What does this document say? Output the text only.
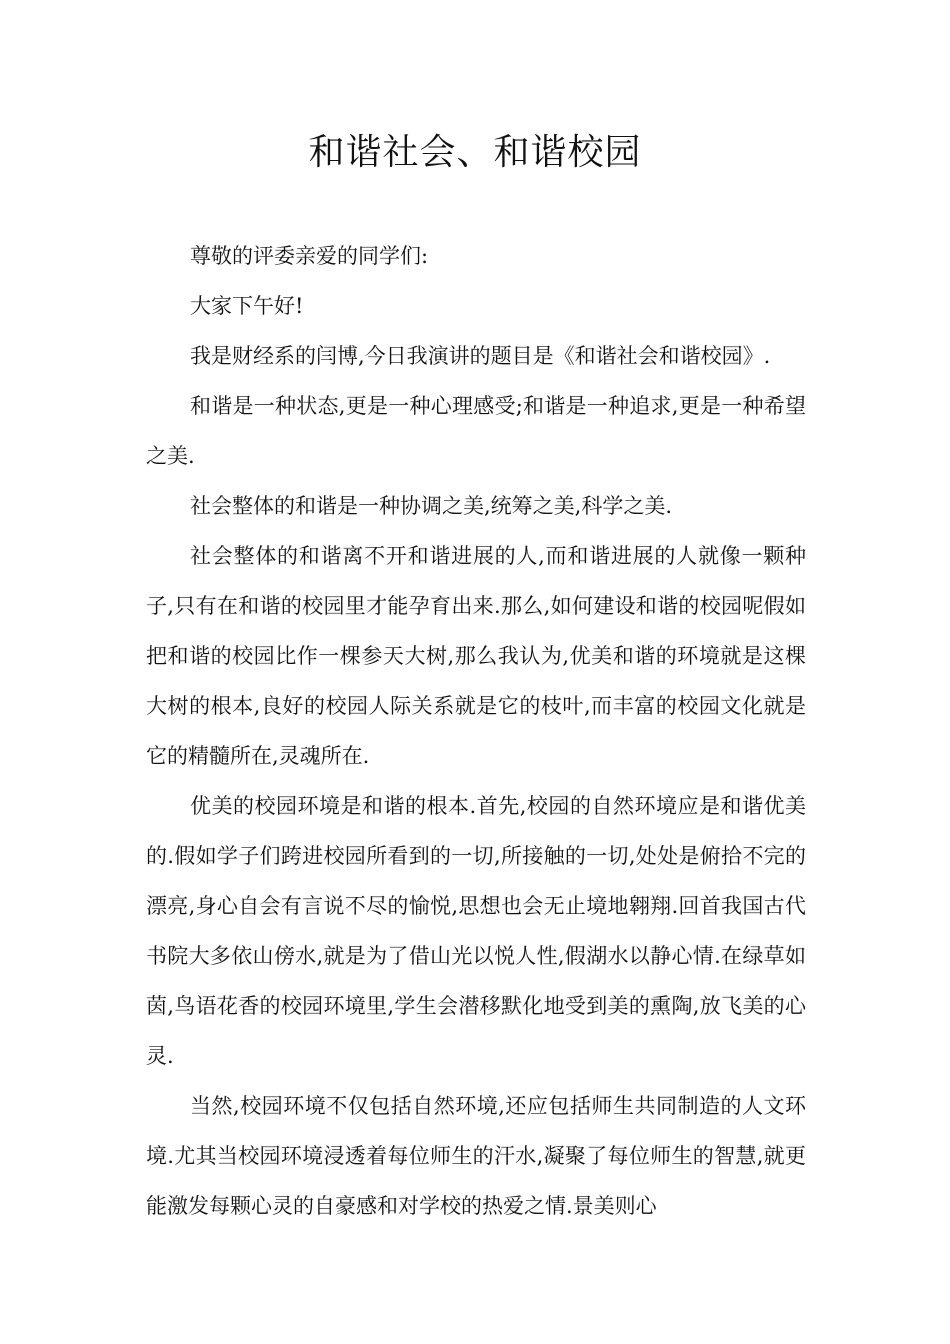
和谐社会、和谐校园

尊敬的评委亲爱的同学们:

大家下午好!

我是财经系的闫博,今日我演讲的题目是《和谐社会和谐校园》.

和谐是一种状态,更是一种心理感受;和谐是一种追求,更是一种希望之美.

社会整体的和谐是一种协调之美,统筹之美,科学之美.

社会整体的和谐离不开和谐进展的人,而和谐进展的人就像一颗种子,只有在和谐的校园里才能孕育出来.那么,如何建设和谐的校园呢假如把和谐的校园比作一棵参天大树,那么我认为,优美和谐的环境就是这棵大树的根本,良好的校园人际关系就是它的枝叶,而丰富的校园文化就是它的精髓所在,灵魂所在.

优美的校园环境是和谐的根本.首先,校园的自然环境应是和谐优美的.假如学子们跨进校园所看到的一切,所接触的一切,处处是俯拾不完的漂亮,身心自会有言说不尽的愉悦,思想也会无止境地翱翔.回首我国古代书院大多依山傍水,就是为了借山光以悦人性,假湖水以静心情.在绿草如茵,鸟语花香的校园环境里,学生会潜移默化地受到美的熏陶,放飞美的心灵.

当然,校园环境不仅包括自然环境,还应包括师生共同制造的人文环境.尤其当校园环境浸透着每位师生的汗水,凝聚了每位师生的智慧,就更能激发每颗心灵的自豪感和对学校的热爱之情.景美则心
